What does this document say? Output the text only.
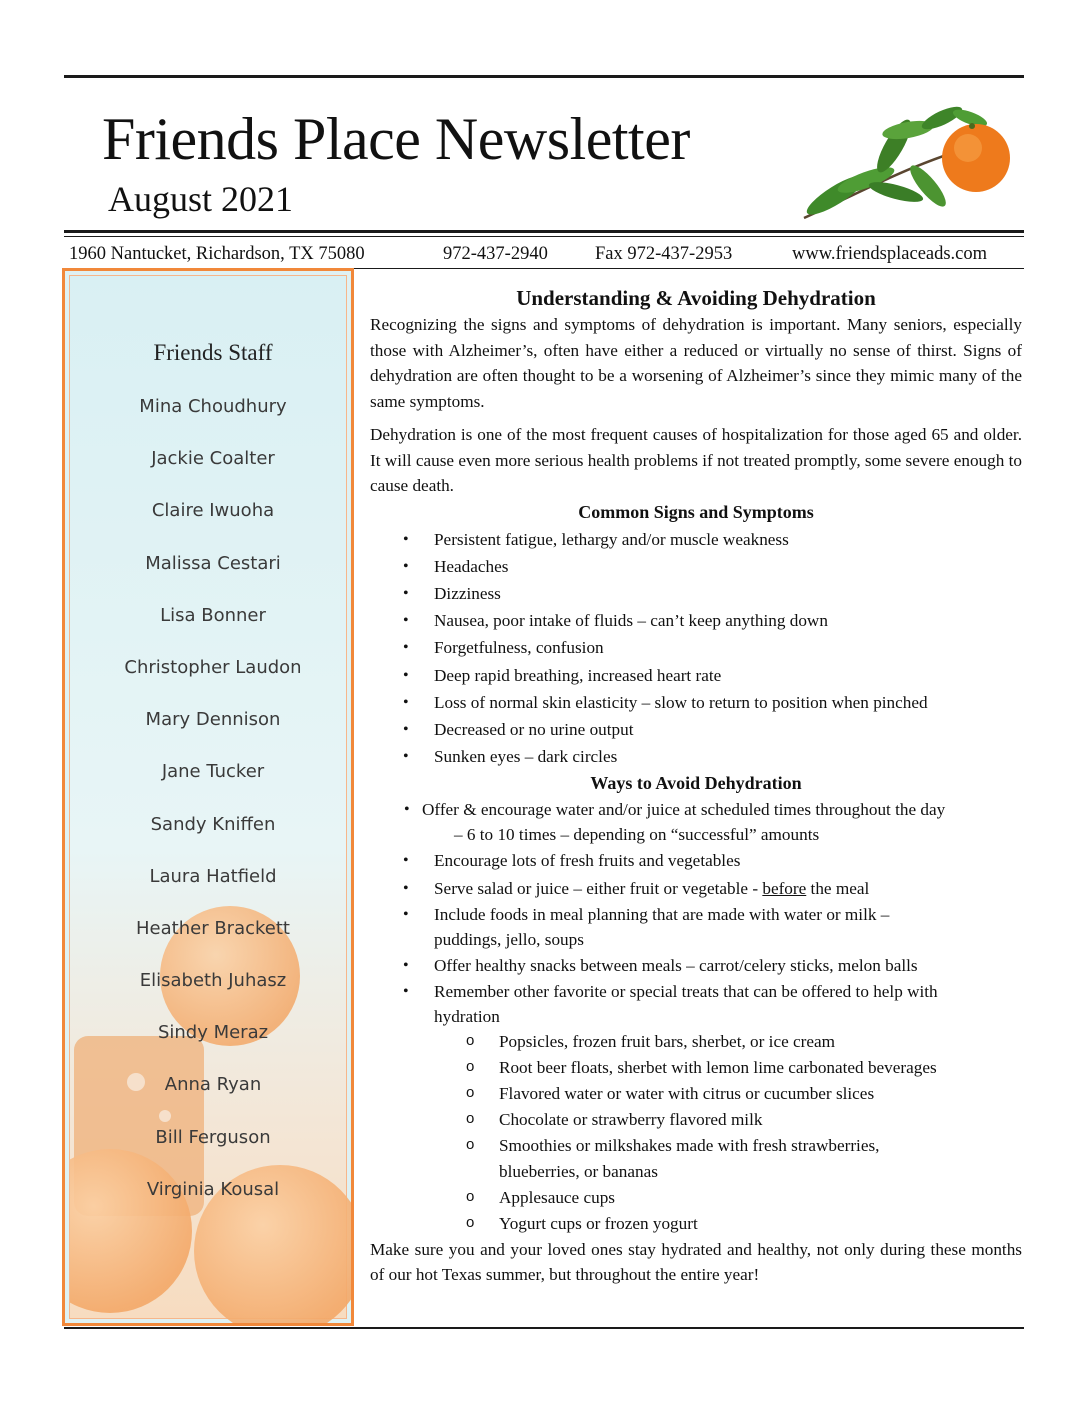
Friends Place Newsletter
August 2021
1960 Nantucket, Richardson, TX 75080	972-437-2940	Fax 972-437-2953	www.friendsplaceads.com
Friends Staff
Mina Choudhury
Jackie Coalter
Claire Iwuoha
Malissa Cestari
Lisa Bonner
Christopher Laudon
Mary Dennison
Jane Tucker
Sandy Kniffen
Laura Hatfield
Heather Brackett
Elisabeth Juhasz
Sindy Meraz
Anna Ryan
Bill Ferguson
Virginia Kousal
Understanding & Avoiding Dehydration

Recognizing the signs and symptoms of dehydration is important. Many seniors, especially those with Alzheimer’s, often have either a reduced or virtually no sense of thirst. Signs of dehydration are often thought to be a worsening of Alzheimer’s since they mimic many of the same symptoms.

Dehydration is one of the most frequent causes of hospitalization for those aged 65 and older. It will cause even more serious health problems if not treated promptly, some severe enough to cause death.

Common Signs and Symptoms
• Persistent fatigue, lethargy and/or muscle weakness
• Headaches
• Dizziness
• Nausea, poor intake of fluids – can’t keep anything down
• Forgetfulness, confusion
• Deep rapid breathing, increased heart rate
• Loss of normal skin elasticity – slow to return to position when pinched
• Decreased or no urine output
• Sunken eyes – dark circles
Ways to Avoid Dehydration
• Offer & encourage water and/or juice at scheduled times throughout the day
– 6 to 10 times – depending on “successful” amounts
• Encourage lots of fresh fruits and vegetables
• Serve salad or juice – either fruit or vegetable - before the meal
• Include foods in meal planning that are made with water or milk –
puddings, jello, soups
• Offer healthy snacks between meals – carrot/celery sticks, melon balls
• Remember other favorite or special treats that can be offered to help with
hydration
o Popsicles, frozen fruit bars, sherbet, or ice cream
o Root beer floats, sherbet with lemon lime carbonated beverages
o Flavored water or water with citrus or cucumber slices
o Chocolate or strawberry flavored milk
o Smoothies or milkshakes made with fresh strawberries,
blueberries, or bananas
o Applesauce cups
o Yogurt cups or frozen yogurt

Make sure you and your loved ones stay hydrated and healthy, not only during these months of our hot Texas summer, but throughout the entire year!
